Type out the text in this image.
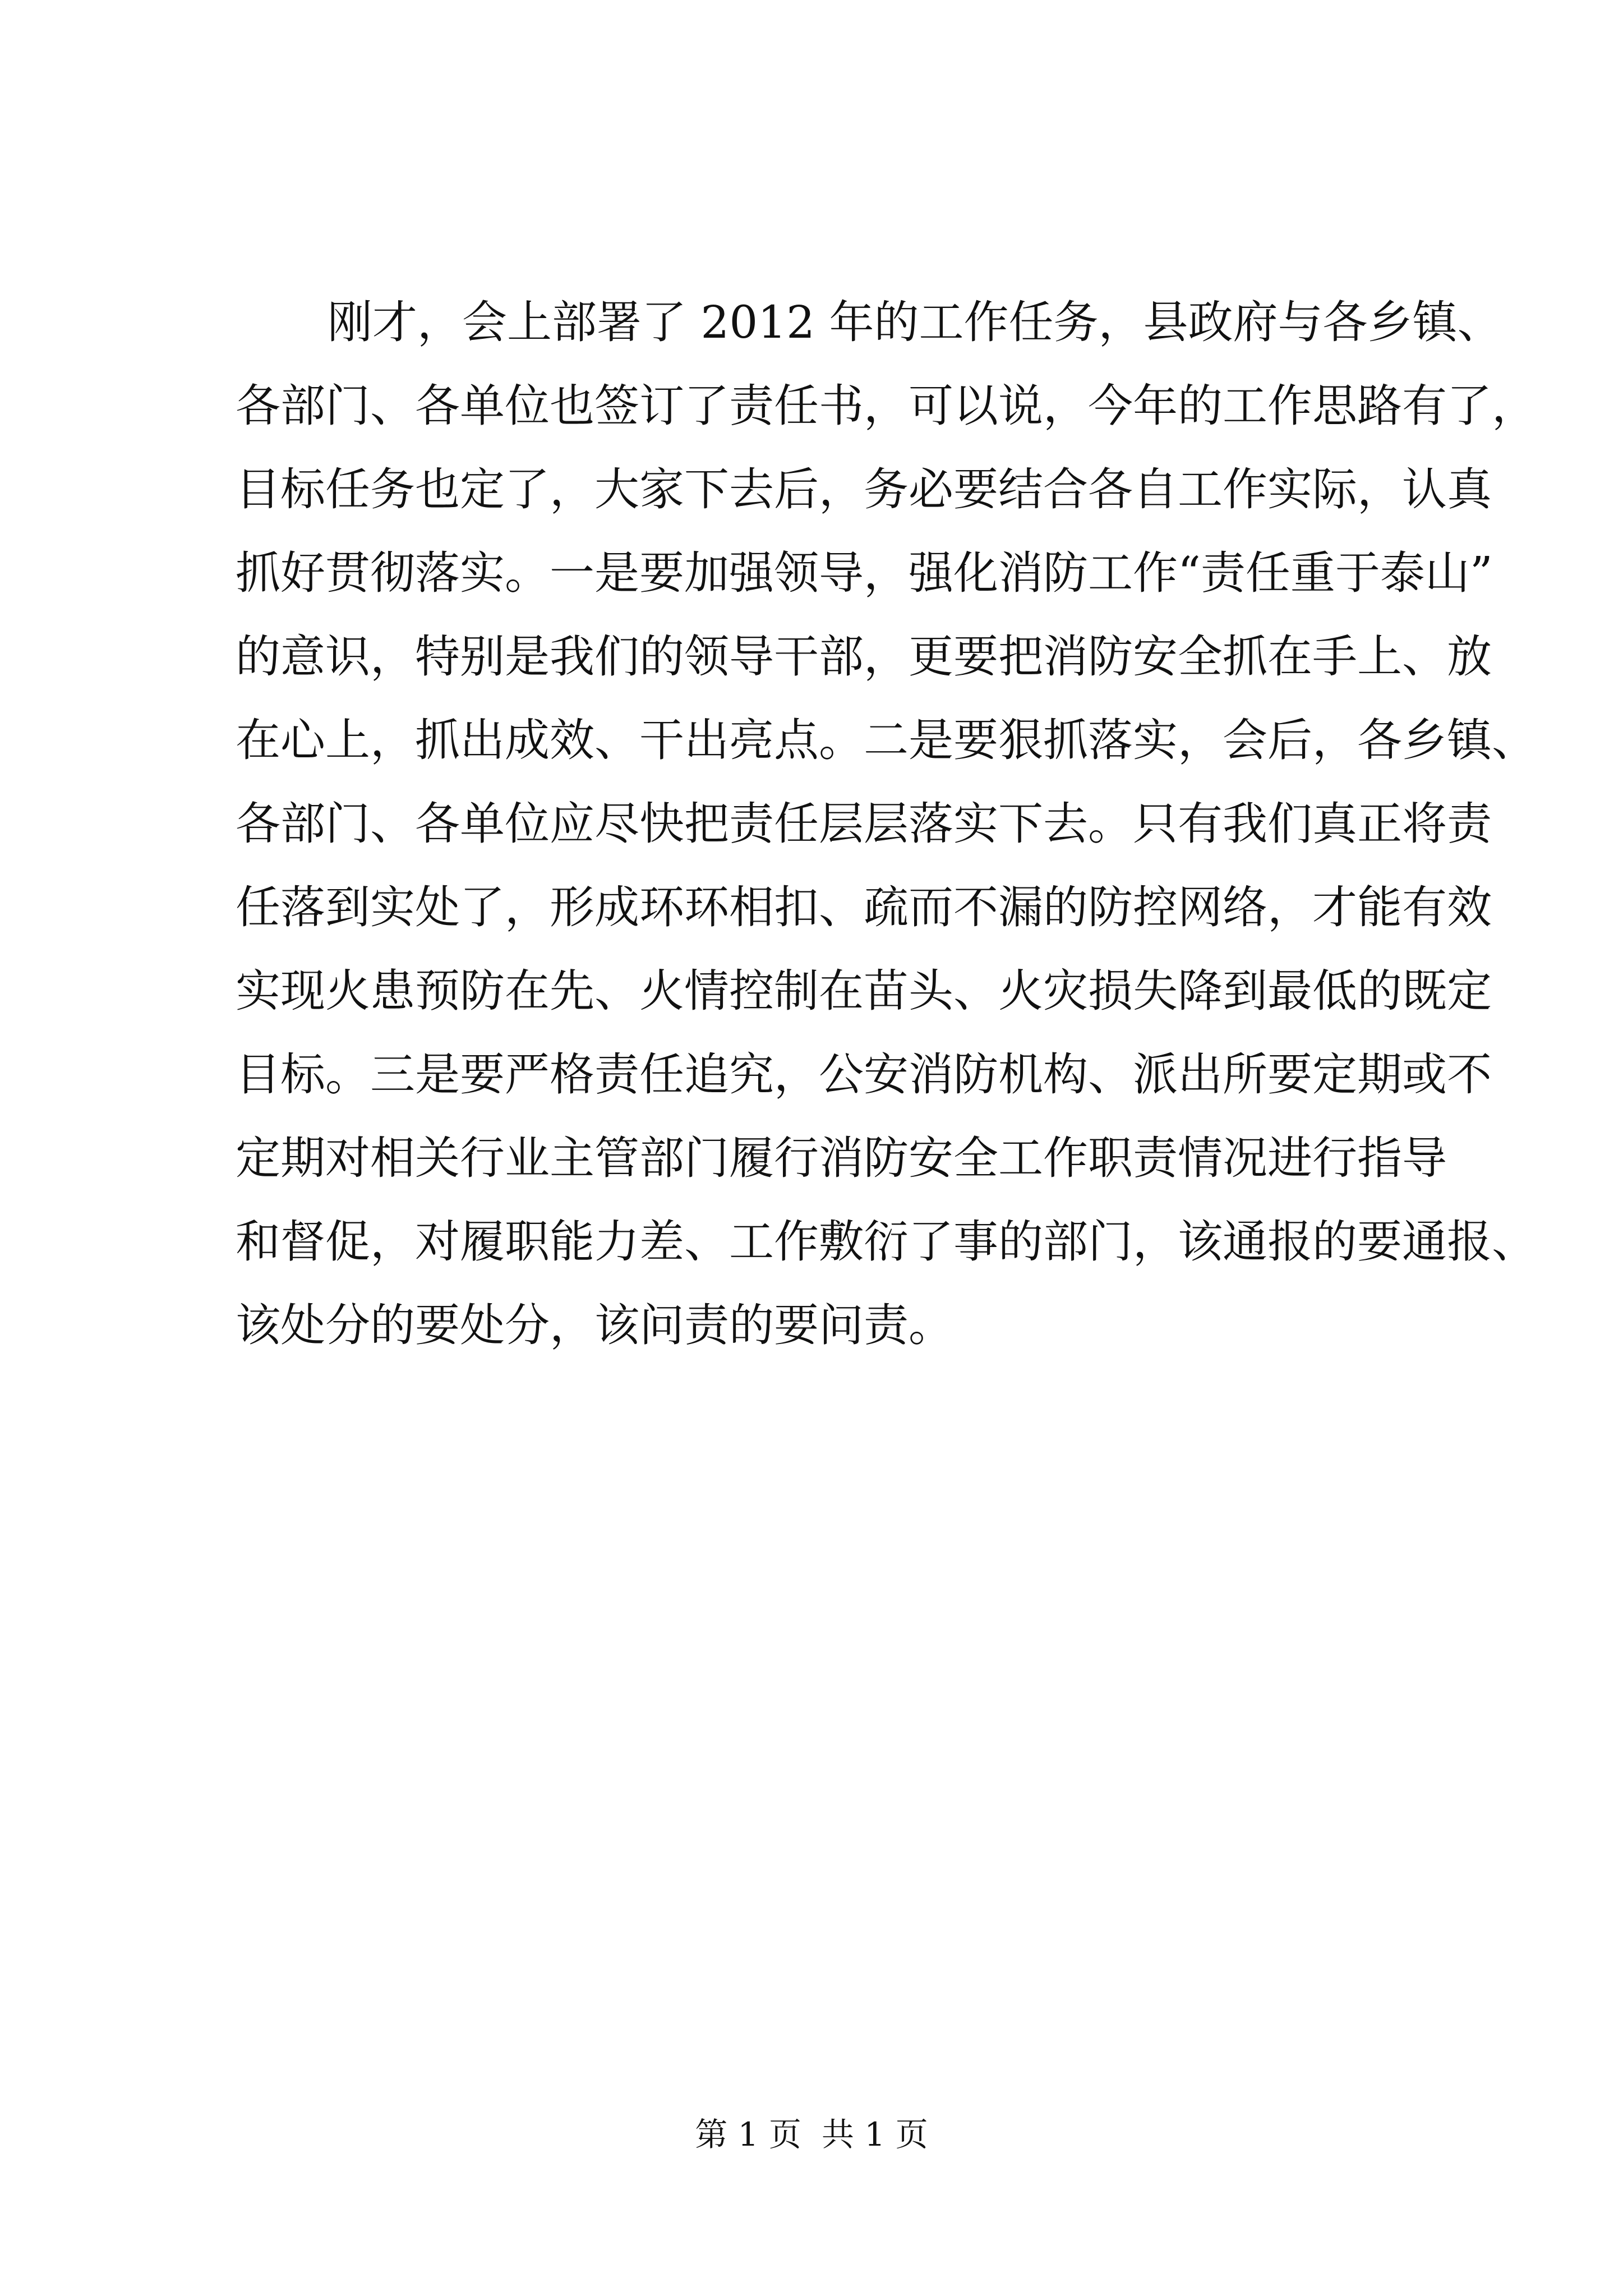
刚才，会上部署了 2012 年的工作任务，县政府与各乡镇、
各部门、各单位也签订了责任书，可以说，今年的工作思路有了，
目标任务也定了，大家下去后，务必要结合各自工作实际，认真
抓好贯彻落实。一是要加强领导，强化消防工作“责任重于泰山”
的意识，特别是我们的领导干部，更要把消防安全抓在手上、放
在心上，抓出成效、干出亮点。二是要狠抓落实，会后，各乡镇、
各部门、各单位应尽快把责任层层落实下去。只有我们真正将责
任落到实处了，形成环环相扣、疏而不漏的防控网络，才能有效
实现火患预防在先、火情控制在苗头、火灾损失降到最低的既定
目标。三是要严格责任追究，公安消防机构、派出所要定期或不
定期对相关行业主管部门履行消防安全工作职责情况进行指导
和督促，对履职能力差、工作敷衍了事的部门，该通报的要通报、
该处分的要处分，该问责的要问责。
第 1 页 共 1 页
